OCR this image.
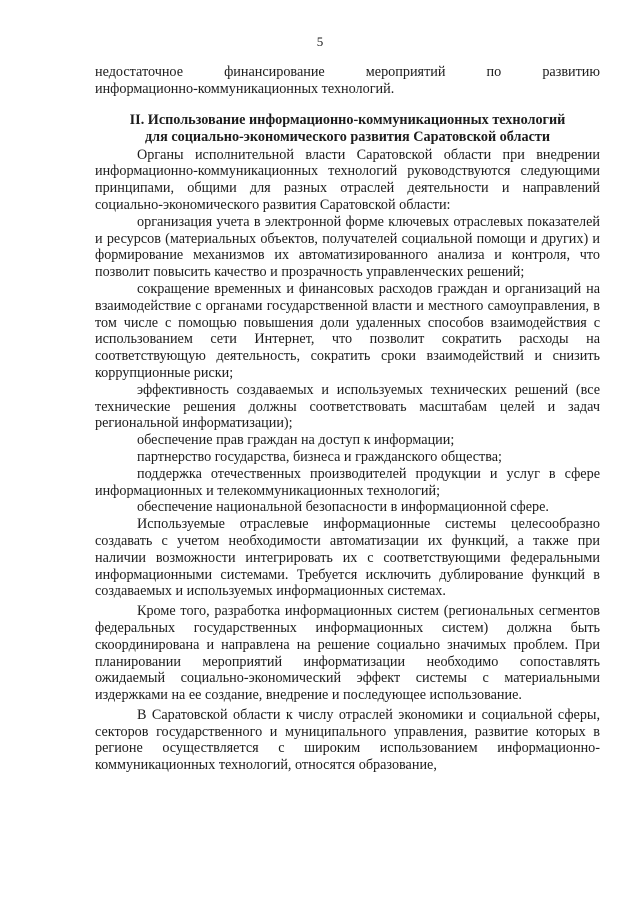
5

недостаточное финансирование мероприятий по развитию

информационно-коммуникационных технологий.

II. Использование информационно-коммуникационных технологий
для социально-экономического развития Саратовской области

Органы исполнительной власти Саратовской области при внедрении информационно-коммуникационных технологий руководствуются следующими принципами, общими для разных отраслей деятельности и направлений социально-экономического развития Саратовской области:

организация учета в электронной форме ключевых отраслевых показателей и ресурсов (материальных объектов, получателей социальной помощи и других) и формирование механизмов их автоматизированного анализа и контроля, что позволит повысить качество и прозрачность управленческих решений;

сокращение временных и финансовых расходов граждан и организаций на взаимодействие с органами государственной власти и местного самоуправления, в том числе с помощью повышения доли удаленных способов взаимодействия с использованием сети Интернет, что позволит сократить расходы на соответствующую деятельность, сократить сроки взаимодействий и снизить коррупционные риски;

эффективность создаваемых и используемых технических решений (все технические решения должны соответствовать масштабам целей и задач региональной информатизации);

обеспечение прав граждан на доступ к информации;

партнерство государства, бизнеса и гражданского общества;

поддержка отечественных производителей продукции и услуг в сфере информационных и телекоммуникационных технологий;

обеспечение национальной безопасности в информационной сфере.

Используемые отраслевые информационные системы целесообразно создавать с учетом необходимости автоматизации их функций, а также при наличии возможности интегрировать их с соответствующими федеральными информационными системами. Требуется исключить дублирование функций в создаваемых и используемых информационных системах.

Кроме того, разработка информационных систем (региональных сегментов федеральных государственных информационных систем) должна быть скоординирована и направлена на решение социально значимых проблем. При планировании мероприятий информатизации необходимо сопоставлять ожидаемый социально-экономический эффект системы с материальными издержками на ее создание, внедрение и последующее использование.

В Саратовской области к числу отраслей экономики и социальной сферы, секторов государственного и муниципального управления, развитие которых в регионе осуществляется с широким использованием информационно-коммуникационных технологий, относятся образование,
